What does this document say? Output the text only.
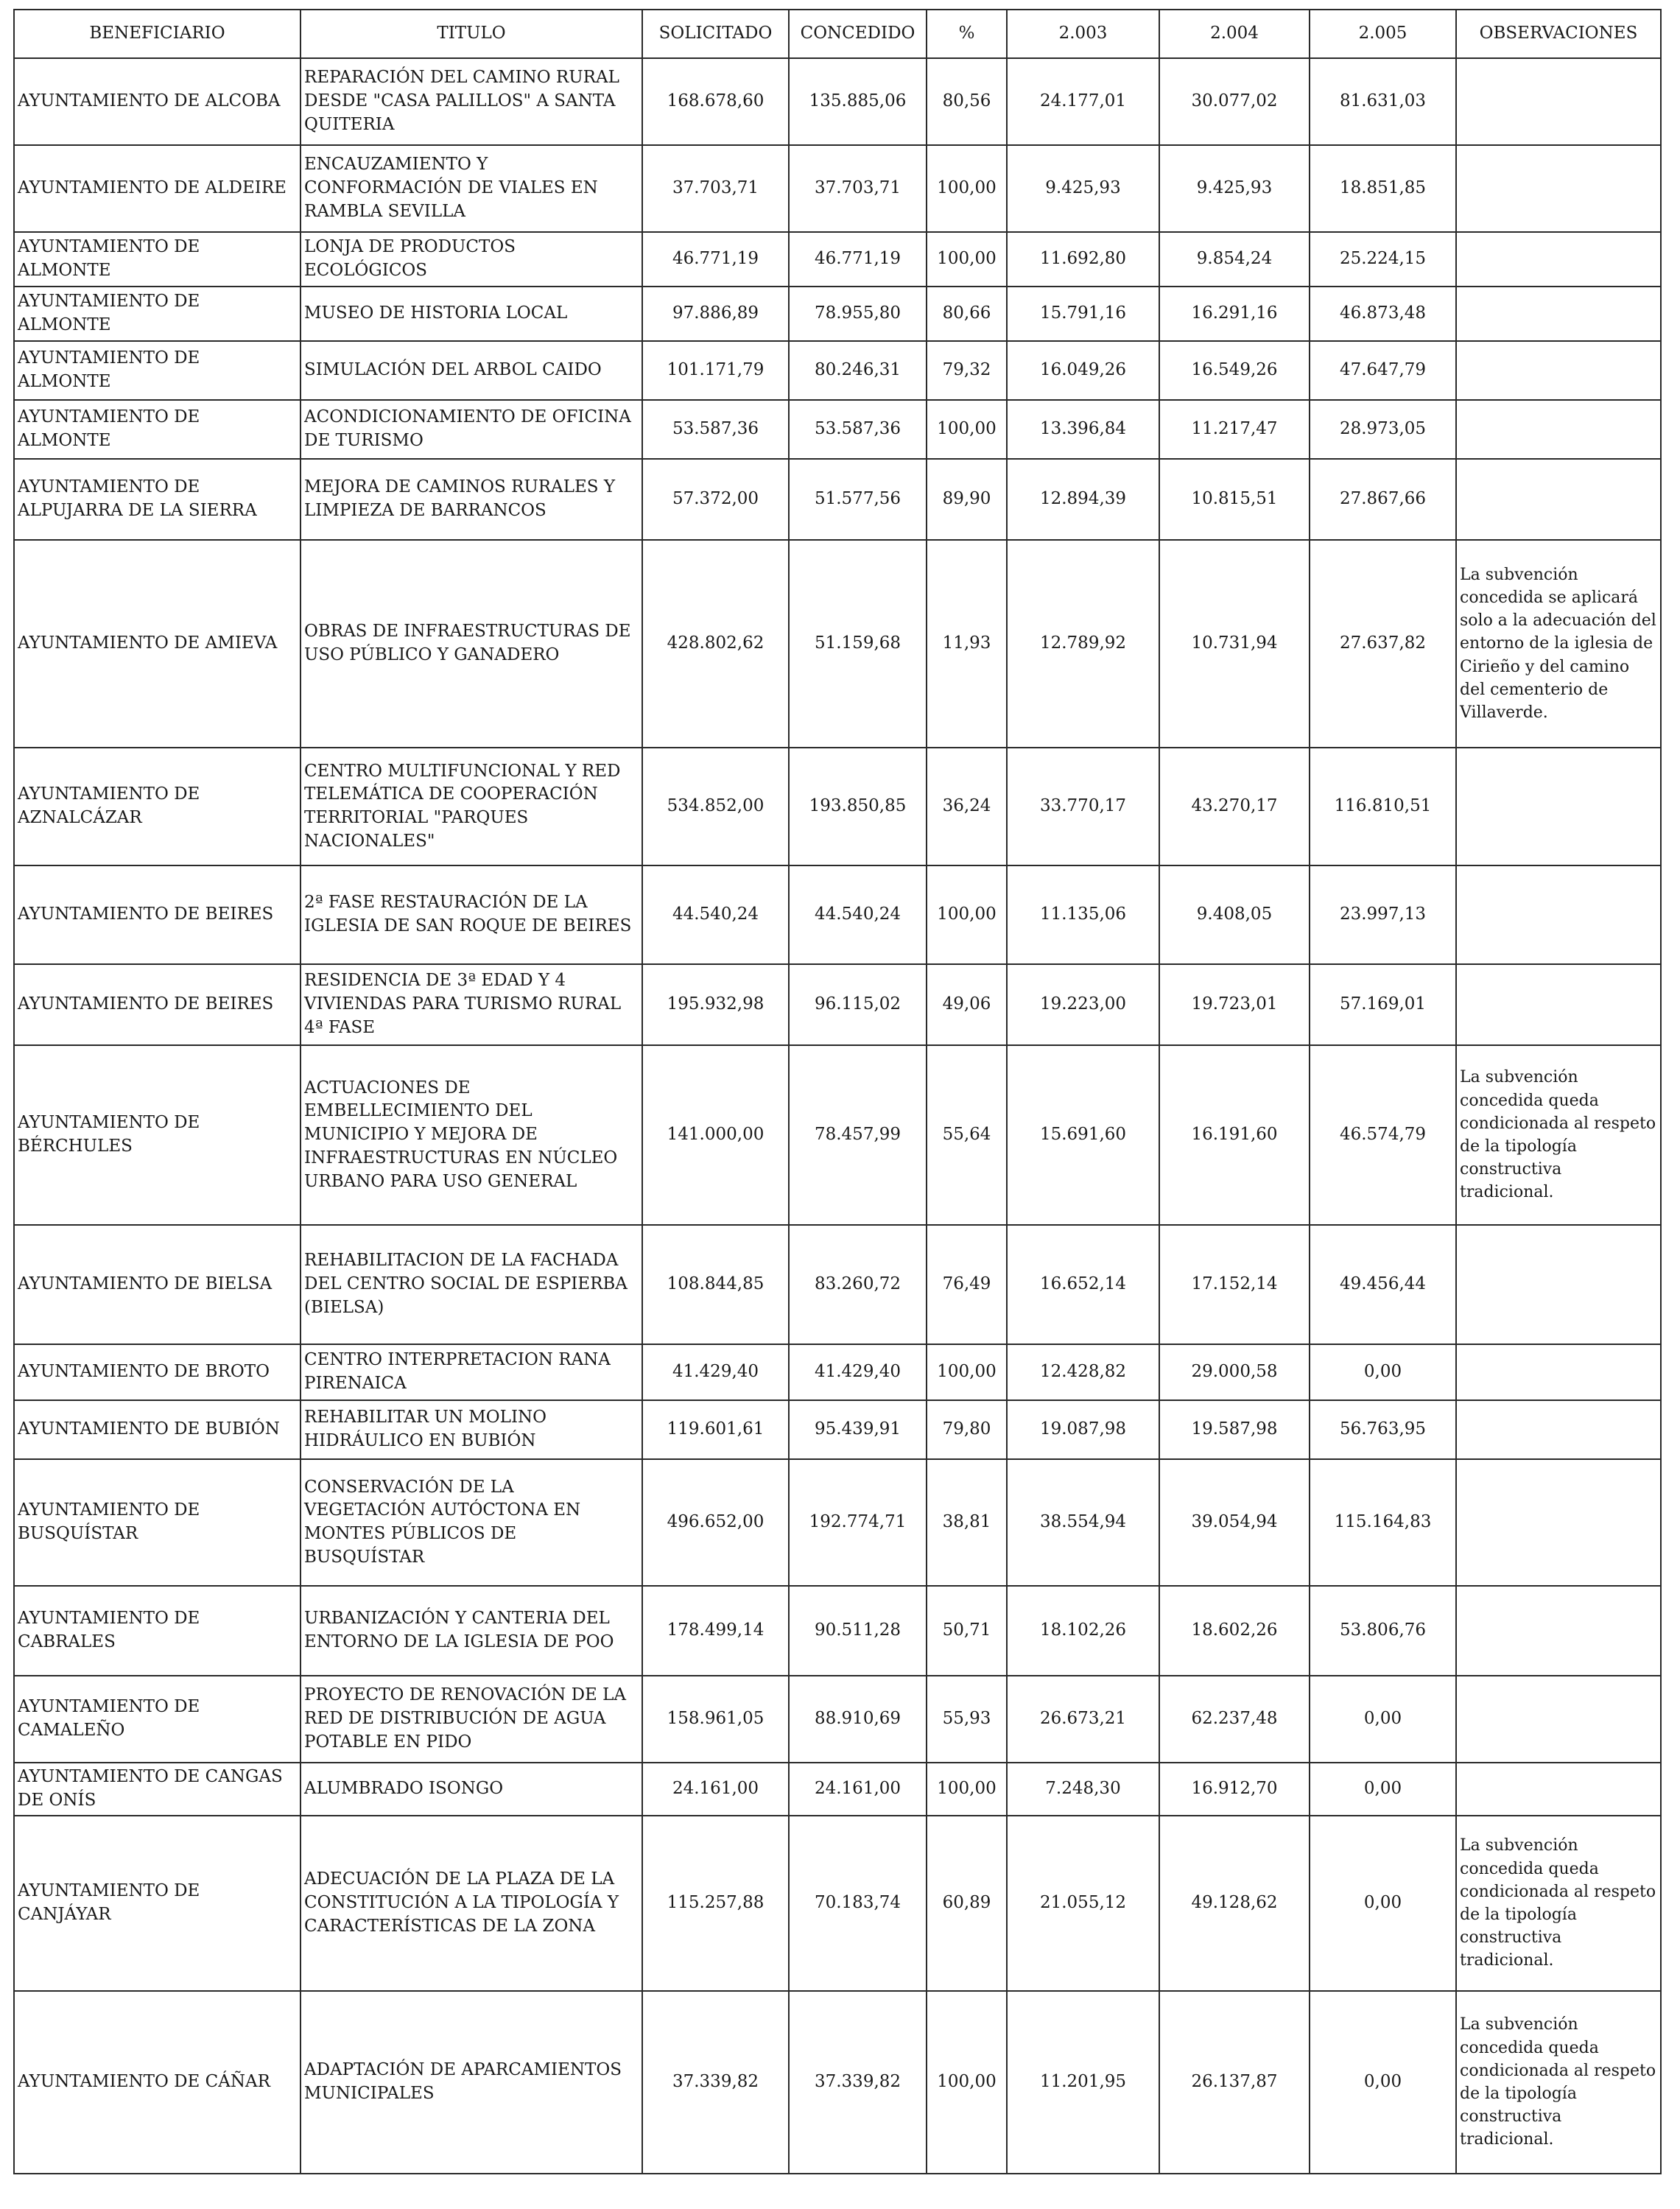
BENEFICIARIO	TITULO	SOLICITADO	CONCEDIDO	%	2.003	2.004	2.005	OBSERVACIONES
AYUNTAMIENTO DE ALCOBA	REPARACIÓN DEL CAMINO RURAL DESDE "CASA PALILLOS" A SANTA QUITERIA	168.678,60	135.885,06	80,56	24.177,01	30.077,02	81.631,03	
AYUNTAMIENTO DE ALDEIRE	ENCAUZAMIENTO Y CONFORMACIÓN DE VIALES EN RAMBLA SEVILLA	37.703,71	37.703,71	100,00	9.425,93	9.425,93	18.851,85	
AYUNTAMIENTO DE ALMONTE	LONJA DE PRODUCTOS ECOLÓGICOS	46.771,19	46.771,19	100,00	11.692,80	9.854,24	25.224,15	
AYUNTAMIENTO DE ALMONTE	MUSEO DE HISTORIA LOCAL	97.886,89	78.955,80	80,66	15.791,16	16.291,16	46.873,48	
AYUNTAMIENTO DE ALMONTE	SIMULACIÓN DEL ARBOL CAIDO	101.171,79	80.246,31	79,32	16.049,26	16.549,26	47.647,79	
AYUNTAMIENTO DE ALMONTE	ACONDICIONAMIENTO DE OFICINA DE TURISMO	53.587,36	53.587,36	100,00	13.396,84	11.217,47	28.973,05	
AYUNTAMIENTO DE ALPUJARRA DE LA SIERRA	MEJORA DE CAMINOS RURALES Y LIMPIEZA DE BARRANCOS	57.372,00	51.577,56	89,90	12.894,39	10.815,51	27.867,66	
AYUNTAMIENTO DE AMIEVA	OBRAS DE INFRAESTRUCTURAS DE USO PÚBLICO Y GANADERO	428.802,62	51.159,68	11,93	12.789,92	10.731,94	27.637,82	La subvención concedida se aplicará solo a la adecuación del entorno de la iglesia de Cirieño y del camino del cementerio de Villaverde.
AYUNTAMIENTO DE AZNALCÁZAR	CENTRO MULTIFUNCIONAL Y RED TELEMÁTICA DE COOPERACIÓN TERRITORIAL "PARQUES NACIONALES"	534.852,00	193.850,85	36,24	33.770,17	43.270,17	116.810,51	
AYUNTAMIENTO DE BEIRES	2ª FASE RESTAURACIÓN DE LA IGLESIA DE SAN ROQUE DE BEIRES	44.540,24	44.540,24	100,00	11.135,06	9.408,05	23.997,13	
AYUNTAMIENTO DE BEIRES	RESIDENCIA DE 3ª EDAD Y 4 VIVIENDAS PARA TURISMO RURAL 4ª FASE	195.932,98	96.115,02	49,06	19.223,00	19.723,01	57.169,01	
AYUNTAMIENTO DE BÉRCHULES	ACTUACIONES DE EMBELLECIMIENTO DEL MUNICIPIO Y MEJORA DE INFRAESTRUCTURAS EN NÚCLEO URBANO PARA USO GENERAL	141.000,00	78.457,99	55,64	15.691,60	16.191,60	46.574,79	La subvención concedida queda condicionada al respeto de la tipología constructiva tradicional.
AYUNTAMIENTO DE BIELSA	REHABILITACION DE LA FACHADA DEL CENTRO SOCIAL DE ESPIERBA (BIELSA)	108.844,85	83.260,72	76,49	16.652,14	17.152,14	49.456,44	
AYUNTAMIENTO DE BROTO	CENTRO INTERPRETACION RANA PIRENAICA	41.429,40	41.429,40	100,00	12.428,82	29.000,58	0,00	
AYUNTAMIENTO DE BUBIÓN	REHABILITAR UN MOLINO HIDRÁULICO EN BUBIÓN	119.601,61	95.439,91	79,80	19.087,98	19.587,98	56.763,95	
AYUNTAMIENTO DE BUSQUÍSTAR	CONSERVACIÓN DE LA VEGETACIÓN AUTÓCTONA EN MONTES PÚBLICOS DE BUSQUÍSTAR	496.652,00	192.774,71	38,81	38.554,94	39.054,94	115.164,83	
AYUNTAMIENTO DE CABRALES	URBANIZACIÓN Y CANTERIA DEL ENTORNO DE LA IGLESIA DE POO	178.499,14	90.511,28	50,71	18.102,26	18.602,26	53.806,76	
AYUNTAMIENTO DE CAMALEÑO	PROYECTO DE RENOVACIÓN DE LA RED DE DISTRIBUCIÓN DE AGUA POTABLE EN PIDO	158.961,05	88.910,69	55,93	26.673,21	62.237,48	0,00	
AYUNTAMIENTO DE CANGAS DE ONÍS	ALUMBRADO ISONGO	24.161,00	24.161,00	100,00	7.248,30	16.912,70	0,00	
AYUNTAMIENTO DE CANJÁYAR	ADECUACIÓN DE LA PLAZA DE LA CONSTITUCIÓN A LA TIPOLOGÍA Y CARACTERÍSTICAS DE LA ZONA	115.257,88	70.183,74	60,89	21.055,12	49.128,62	0,00	La subvención concedida queda condicionada al respeto de la tipología constructiva tradicional.
AYUNTAMIENTO DE CÁÑAR	ADAPTACIÓN DE APARCAMIENTOS MUNICIPALES	37.339,82	37.339,82	100,00	11.201,95	26.137,87	0,00	La subvención concedida queda condicionada al respeto de la tipología constructiva tradicional.
